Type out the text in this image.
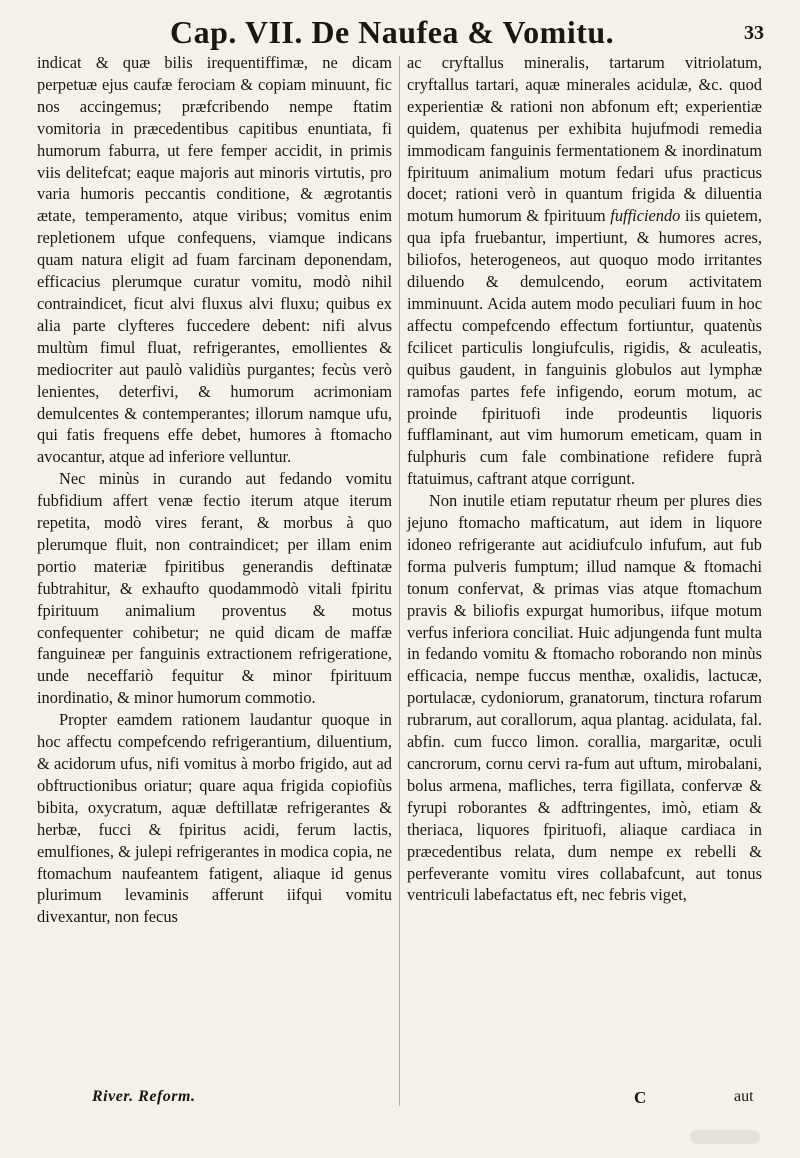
Cap. VII. De Naufea & Vomitu.	33

indicat & quæ bilis irequentiffimæ, ne dicam perpetuæ ejus caufæ ferociam & copiam minuunt, fic nos accingemus; præfcribendo nempe ftatim vomitoria in præcedentibus capitibus enuntiata, fi humorum faburra, ut fere femper accidit, in primis viis delitefcat; eaque majoris aut minoris virtutis, pro varia humoris peccantis conditione, & ægrotantis ætate, temperamento, atque viribus; vomitus enim repletionem ufque confequens, viamque indicans quam natura eligit ad fuam farcinam deponendam, efficacius plerumque curatur vomitu, modò nihil contraindicet, ficut alvi fluxus alvi fluxu; quibus ex alia parte clyfteres fuccedere debent: nifi alvus multùm fimul fluat, refrigerantes, emollientes & mediocriter aut paulò validiùs purgantes; fecùs verò lenientes, deterfivi, & humorum acrimoniam demulcentes & contemperantes; illorum namque ufu, qui fatis frequens effe debet, humores à ftomacho avocantur, atque ad inferiore velluntur.

Nec minùs in curando aut fedando vomitu fubfidium affert venæ fectio iterum atque iterum repetita, modò vires ferant, & morbus à quo plerumque fluit, non contraindicet; per illam enim portio materiæ fpiritibus generandis deftinatæ fubtrahitur, & exhaufto quodammodò vitali fpiritu fpirituum animalium proventus & motus confequenter cohibetur; ne quid dicam de maffæ fanguineæ per fanguinis extractionem refrigeratione, unde neceffariò fequitur & minor fpirituum inordinatio, & minor humorum commotio.

Propter eamdem rationem laudantur quoque in hoc affectu compefcendo refrigerantium, diluentium, & acidorum ufus, nifi vomitus à morbo frigido, aut ad obftructionibus oriatur; quare aqua frigida copiofiùs bibita, oxycratum, aquæ deftillatæ refrigerantes & herbæ, fucci & fpiritus acidi, ferum lactis, emulfiones, & julepi refrigerantes in modica copia, ne ftomachum naufeantem fatigent, aliaque id genus plurimum levaminis afferunt iifqui vomitu divexantur, non fecus

ac cryftallus mineralis, tartarum vitriolatum, cryftallus tartari, aquæ minerales acidulæ, &c. quod experientiæ & rationi non abfonum eft; experientiæ quidem, quatenus per exhibita hujufmodi remedia immodicam fanguinis fermentationem & inordinatum fpirituum animalium motum fedari ufus practicus docet; rationi verò in quantum frigida & diluentia motum humorum & fpirituum fufficiendo iis quietem, qua ipfa fruebantur, impertiunt, & humores acres, biliofos, heterogeneos, aut quoquo modo irritantes diluendo & demulcendo, eorum activitatem imminuunt. Acida autem modo peculiari fuum in hoc affectu compefcendo effectum fortiuntur, quatenùs fcilicet particulis longiufculis, rigidis, & aculeatis, quibus gaudent, in fanguinis globulos aut lymphæ ramofas partes fefe infigendo, eorum motum, ac proinde fpirituofi inde prodeuntis liquoris fufflaminant, aut vim humorum emeticam, quam in fulphuris cum fale combinatione refidere fuprà ftatuimus, caftrant atque corrigunt.

Non inutile etiam reputatur rheum per plures dies jejuno ftomacho mafticatum, aut idem in liquore idoneo refrigerante aut acidiufculo infufum, aut fub forma pulveris fumptum; illud namque & ftomachi tonum confervat, & primas vias atque ftomachum pravis & biliofis expurgat humoribus, iifque motum verfus inferiora conciliat. Huic adjungenda funt multa in fedando vomitu & ftomacho roborando non minùs efficacia, nempe fuccus menthæ, oxalidis, lactucæ, portulacæ, cydoniorum, granatorum, tinctura rofarum rubrarum, aut corallorum, aqua plantag. acidulata, fal. abfin. cum fucco limon. corallia, margaritæ, oculi cancrorum, cornu cervi ra-fum aut uftum, mirobalani, bolus armena, mafliches, terra figillata, confervæ & fyrupi roborantes & adftringentes, imò, etiam & theriaca, liquores fpirituofi, aliaque cardiaca in præcedentibus relata, dum nempe ex rebelli & perfeverante vomitu vires collabafcunt, aut tonus ventriculi labefactatus eft, nec febris viget,

River. Reform.	C	aut
